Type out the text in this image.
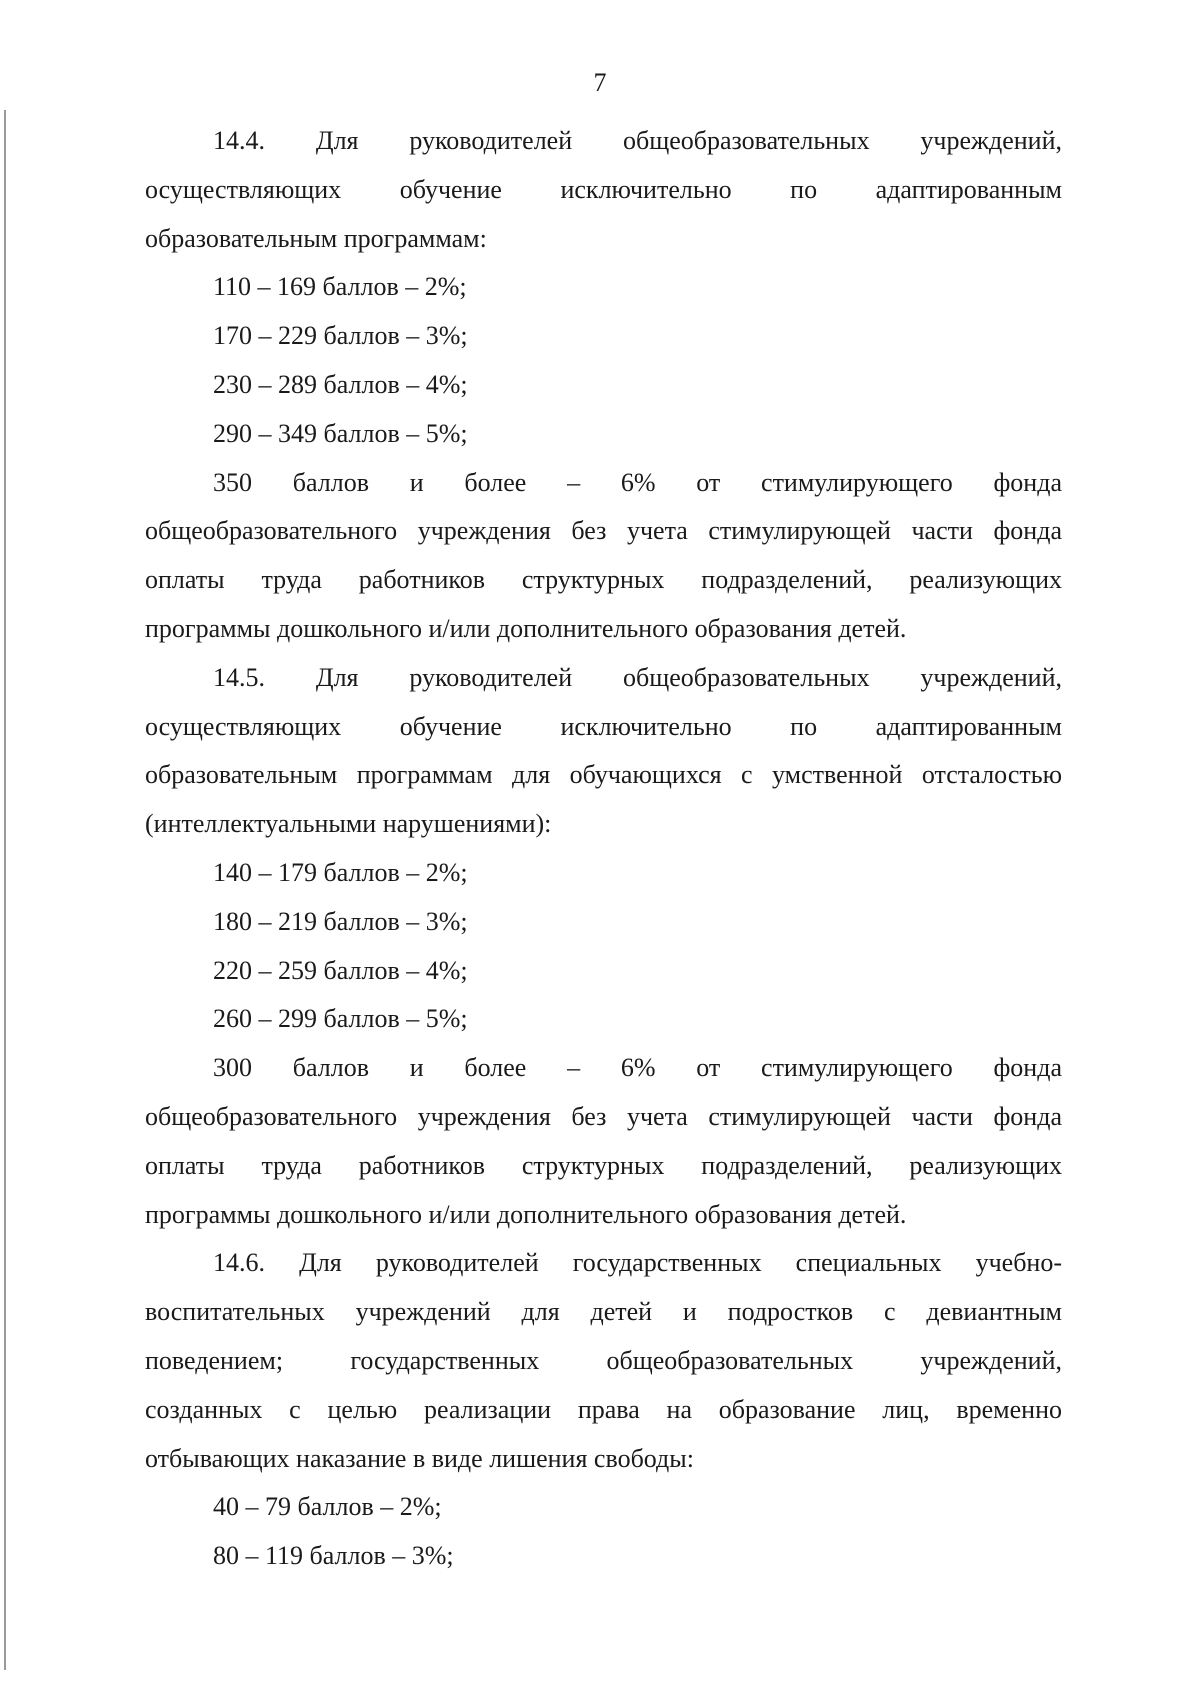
7
14.4. Для руководителей общеобразовательных учреждений,
осуществляющих обучение исключительно по адаптированным
образовательным программам:
110 – 169 баллов – 2%;
170 – 229 баллов – 3%;
230 – 289 баллов – 4%;
290 – 349 баллов – 5%;
350 баллов и более – 6% от стимулирующего фонда
общеобразовательного учреждения без учета стимулирующей части фонда
оплаты труда работников структурных подразделений, реализующих
программы дошкольного и/или дополнительного образования детей.
14.5. Для руководителей общеобразовательных учреждений,
осуществляющих обучение исключительно по адаптированным
образовательным программам для обучающихся с умственной отсталостью
(интеллектуальными нарушениями):
140 – 179 баллов – 2%;
180 – 219 баллов – 3%;
220 – 259 баллов – 4%;
260 – 299 баллов – 5%;
300 баллов и более – 6% от стимулирующего фонда
общеобразовательного учреждения без учета стимулирующей части фонда
оплаты труда работников структурных подразделений, реализующих
программы дошкольного и/или дополнительного образования детей.
14.6. Для руководителей государственных специальных учебно-
воспитательных учреждений для детей и подростков с девиантным
поведением; государственных общеобразовательных учреждений,
созданных с целью реализации права на образование лиц, временно
отбывающих наказание в виде лишения свободы:
40 – 79 баллов – 2%;
80 – 119 баллов – 3%;
